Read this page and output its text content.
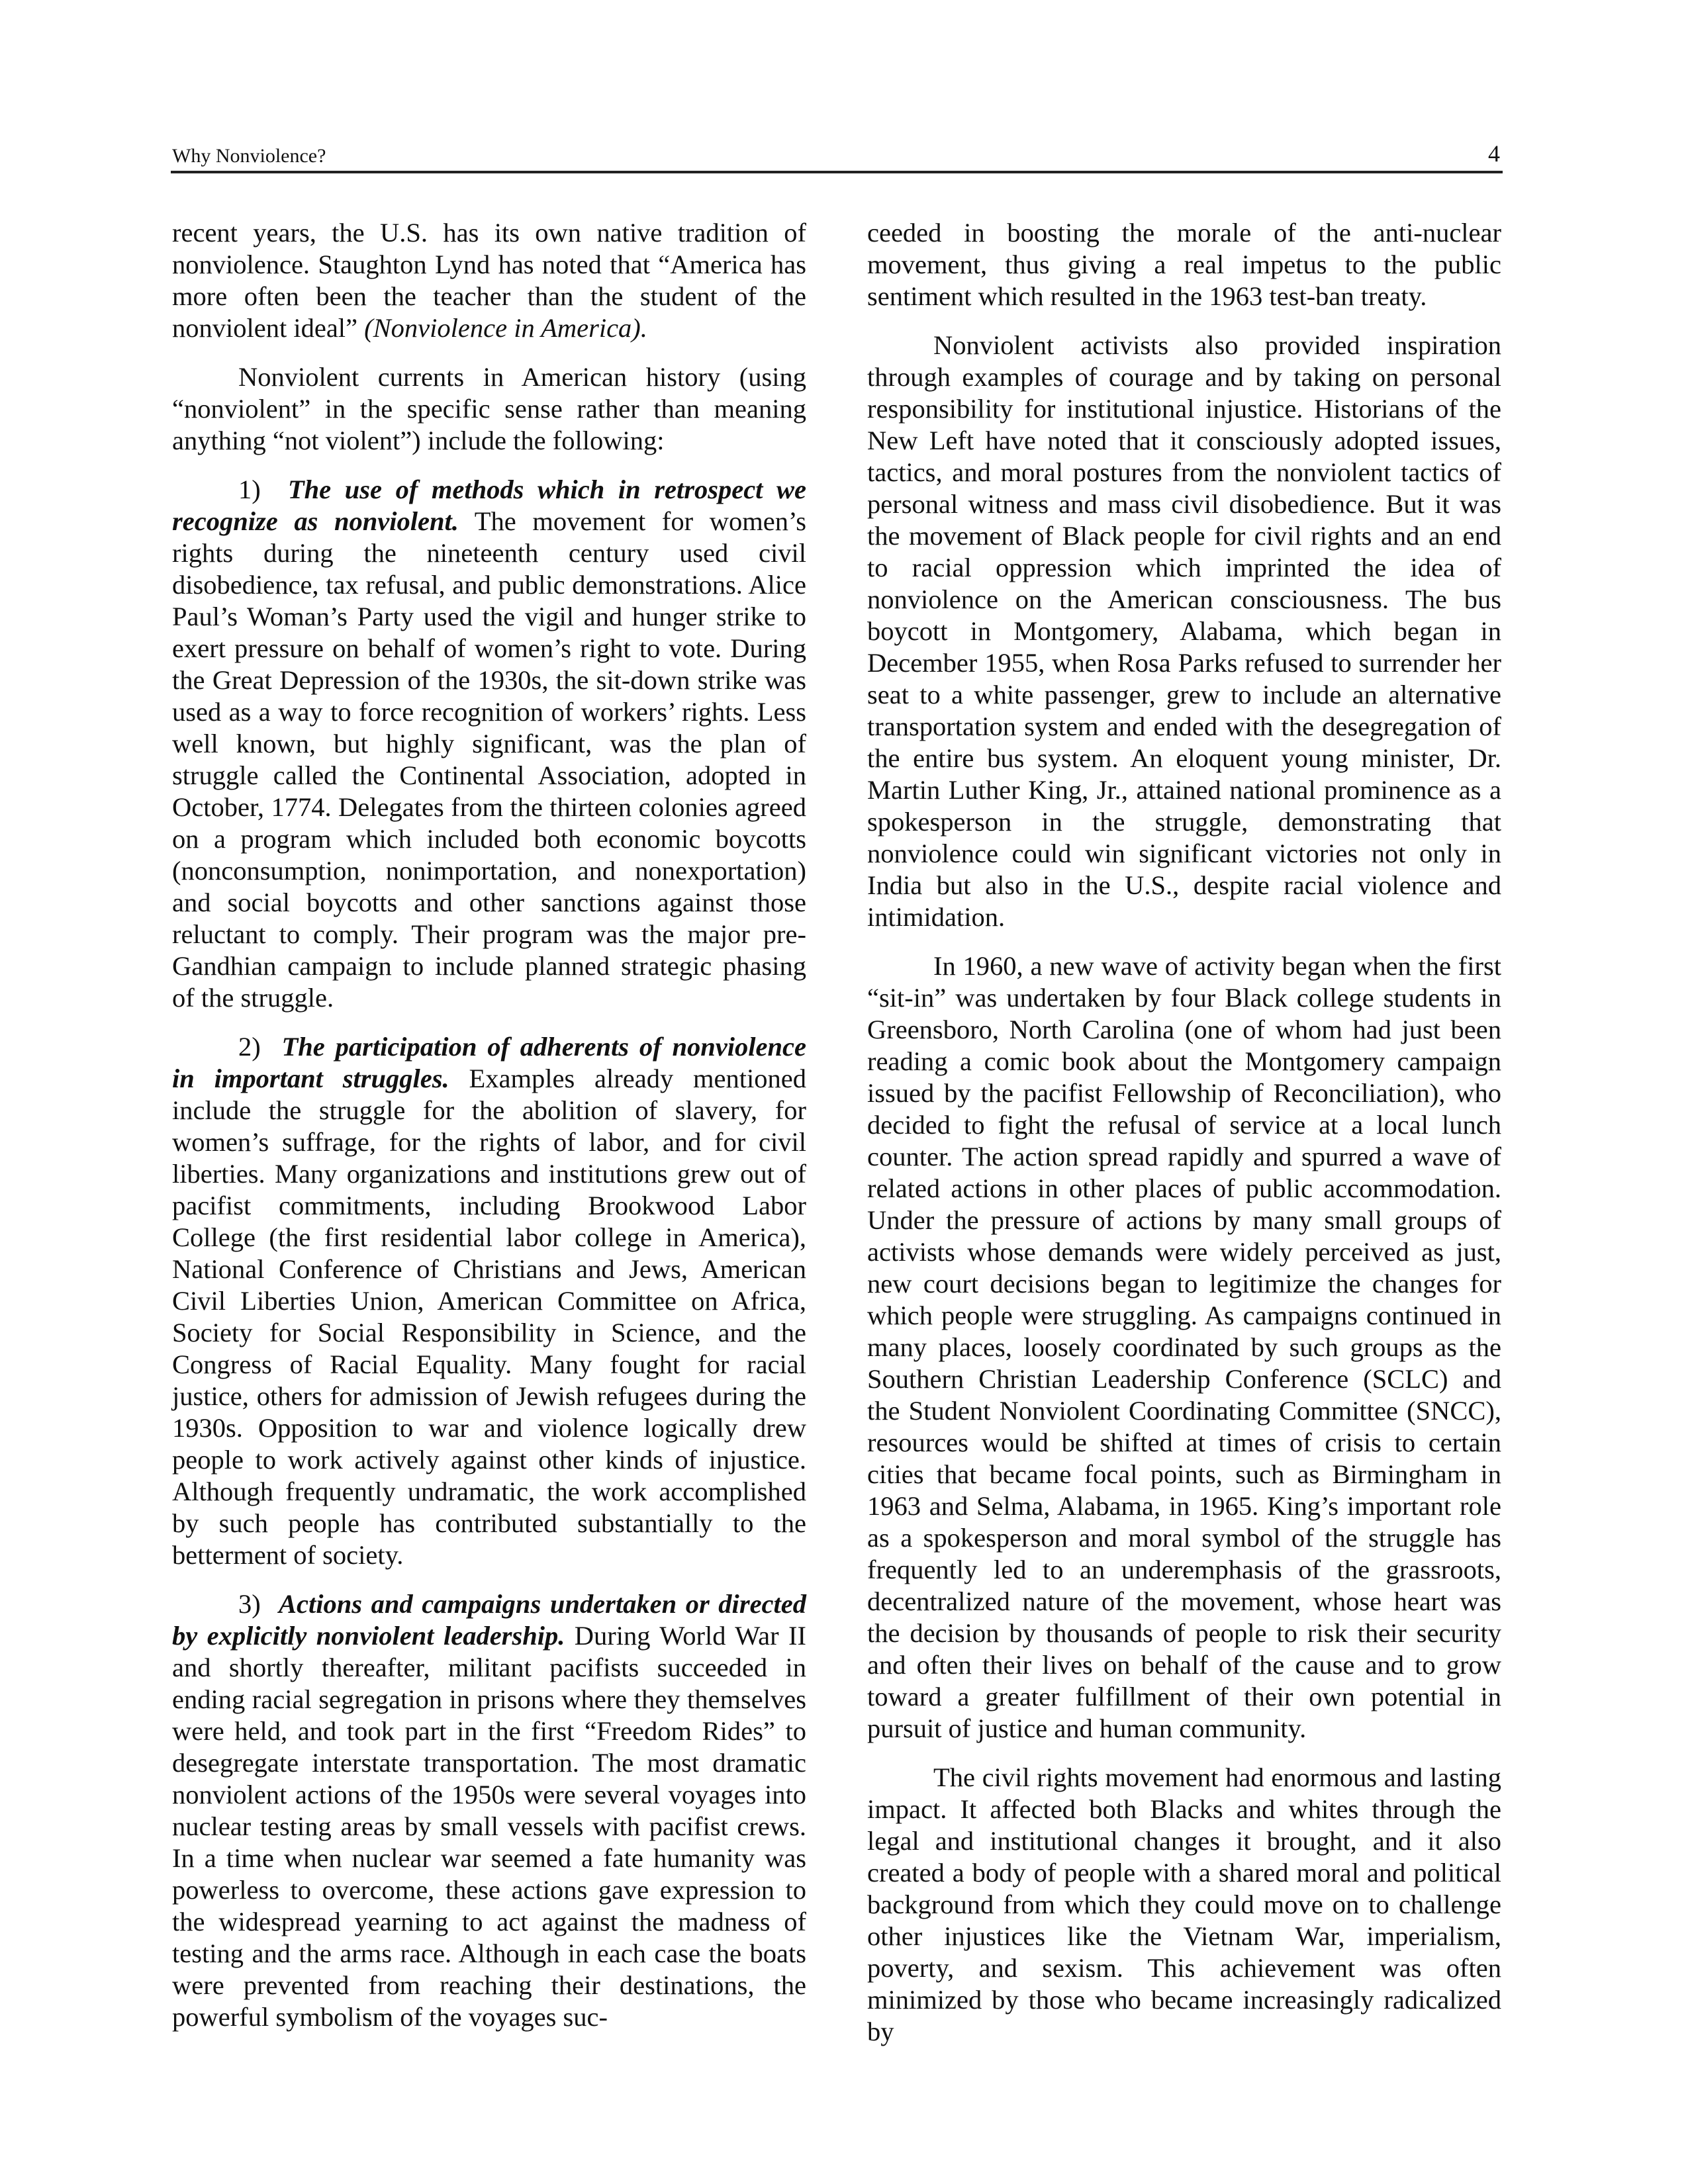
Why Nonviolence?	4

recent years, the U.S. has its own native tradition of nonviolence. Staughton Lynd has noted that “America has more often been the teacher than the student of the nonviolent ideal” (Nonviolence in America).

Nonviolent currents in American history (using “nonviolent” in the specific sense rather than meaning anything “not violent”) include the following:

1) The use of methods which in retrospect we recognize as nonviolent. The movement for women’s rights during the nineteenth century used civil disobedience, tax refusal, and public demonstrations. Alice Paul’s Woman’s Party used the vigil and hunger strike to exert pressure on behalf of women’s right to vote. During the Great Depression of the 1930s, the sit-down strike was used as a way to force recognition of workers’ rights. Less well known, but highly significant, was the plan of struggle called the Continental Association, adopted in October, 1774. Delegates from the thirteen colonies agreed on a program which included both economic boycotts (nonconsumption, nonimportation, and nonexportation) and social boycotts and other sanctions against those reluctant to comply. Their program was the major pre-Gandhian campaign to include planned strategic phasing of the struggle.

2) The participation of adherents of nonviolence in important struggles. Examples already mentioned include the struggle for the abolition of slavery, for women’s suffrage, for the rights of labor, and for civil liberties. Many organizations and institutions grew out of pacifist commitments, including Brookwood Labor College (the first residential labor college in America), National Conference of Christians and Jews, American Civil Liberties Union, American Committee on Africa, Society for Social Responsibility in Science, and the Congress of Racial Equality. Many fought for racial justice, others for admission of Jewish refugees during the 1930s. Opposition to war and violence logically drew people to work actively against other kinds of injustice. Although frequently undramatic, the work accomplished by such people has contributed substantially to the betterment of society.

3) Actions and campaigns undertaken or directed by explicitly nonviolent leadership. During World War II and shortly thereafter, militant pacifists succeeded in ending racial segregation in prisons where they themselves were held, and took part in the first “Freedom Rides” to desegregate interstate transportation. The most dramatic nonviolent actions of the 1950s were several voyages into nuclear testing areas by small vessels with pacifist crews. In a time when nuclear war seemed a fate humanity was powerless to overcome, these actions gave expression to the widespread yearning to act against the madness of testing and the arms race. Although in each case the boats were prevented from reaching their destinations, the powerful symbolism of the voyages suc-

ceeded in boosting the morale of the anti-nuclear movement, thus giving a real impetus to the public sentiment which resulted in the 1963 test-ban treaty.

Nonviolent activists also provided inspiration through examples of courage and by taking on personal responsibility for institutional injustice. Historians of the New Left have noted that it consciously adopted issues, tactics, and moral postures from the nonviolent tactics of personal witness and mass civil disobedience. But it was the movement of Black people for civil rights and an end to racial oppression which imprinted the idea of nonviolence on the American consciousness. The bus boycott in Montgomery, Alabama, which began in December 1955, when Rosa Parks refused to surrender her seat to a white passenger, grew to include an alternative transportation system and ended with the desegregation of the entire bus system. An eloquent young minister, Dr. Martin Luther King, Jr., attained national prominence as a spokesperson in the struggle, demonstrating that nonviolence could win significant victories not only in India but also in the U.S., despite racial violence and intimidation.

In 1960, a new wave of activity began when the first “sit-in” was undertaken by four Black college students in Greensboro, North Carolina (one of whom had just been reading a comic book about the Montgomery campaign issued by the pacifist Fellowship of Reconciliation), who decided to fight the refusal of service at a local lunch counter. The action spread rapidly and spurred a wave of related actions in other places of public accommodation. Under the pressure of actions by many small groups of activists whose demands were widely perceived as just, new court decisions began to legitimize the changes for which people were struggling. As campaigns continued in many places, loosely coordinated by such groups as the Southern Christian Leadership Conference (SCLC) and the Student Nonviolent Coordinating Committee (SNCC), resources would be shifted at times of crisis to certain cities that became focal points, such as Birmingham in 1963 and Selma, Alabama, in 1965. King’s important role as a spokesperson and moral symbol of the struggle has frequently led to an underemphasis of the grassroots, decentralized nature of the movement, whose heart was the decision by thousands of people to risk their security and often their lives on behalf of the cause and to grow toward a greater fulfillment of their own potential in pursuit of justice and human community.

The civil rights movement had enormous and lasting impact. It affected both Blacks and whites through the legal and institutional changes it brought, and it also created a body of people with a shared moral and political background from which they could move on to challenge other injustices like the Vietnam War, imperialism, poverty, and sexism. This achievement was often minimized by those who became increasingly radicalized by
